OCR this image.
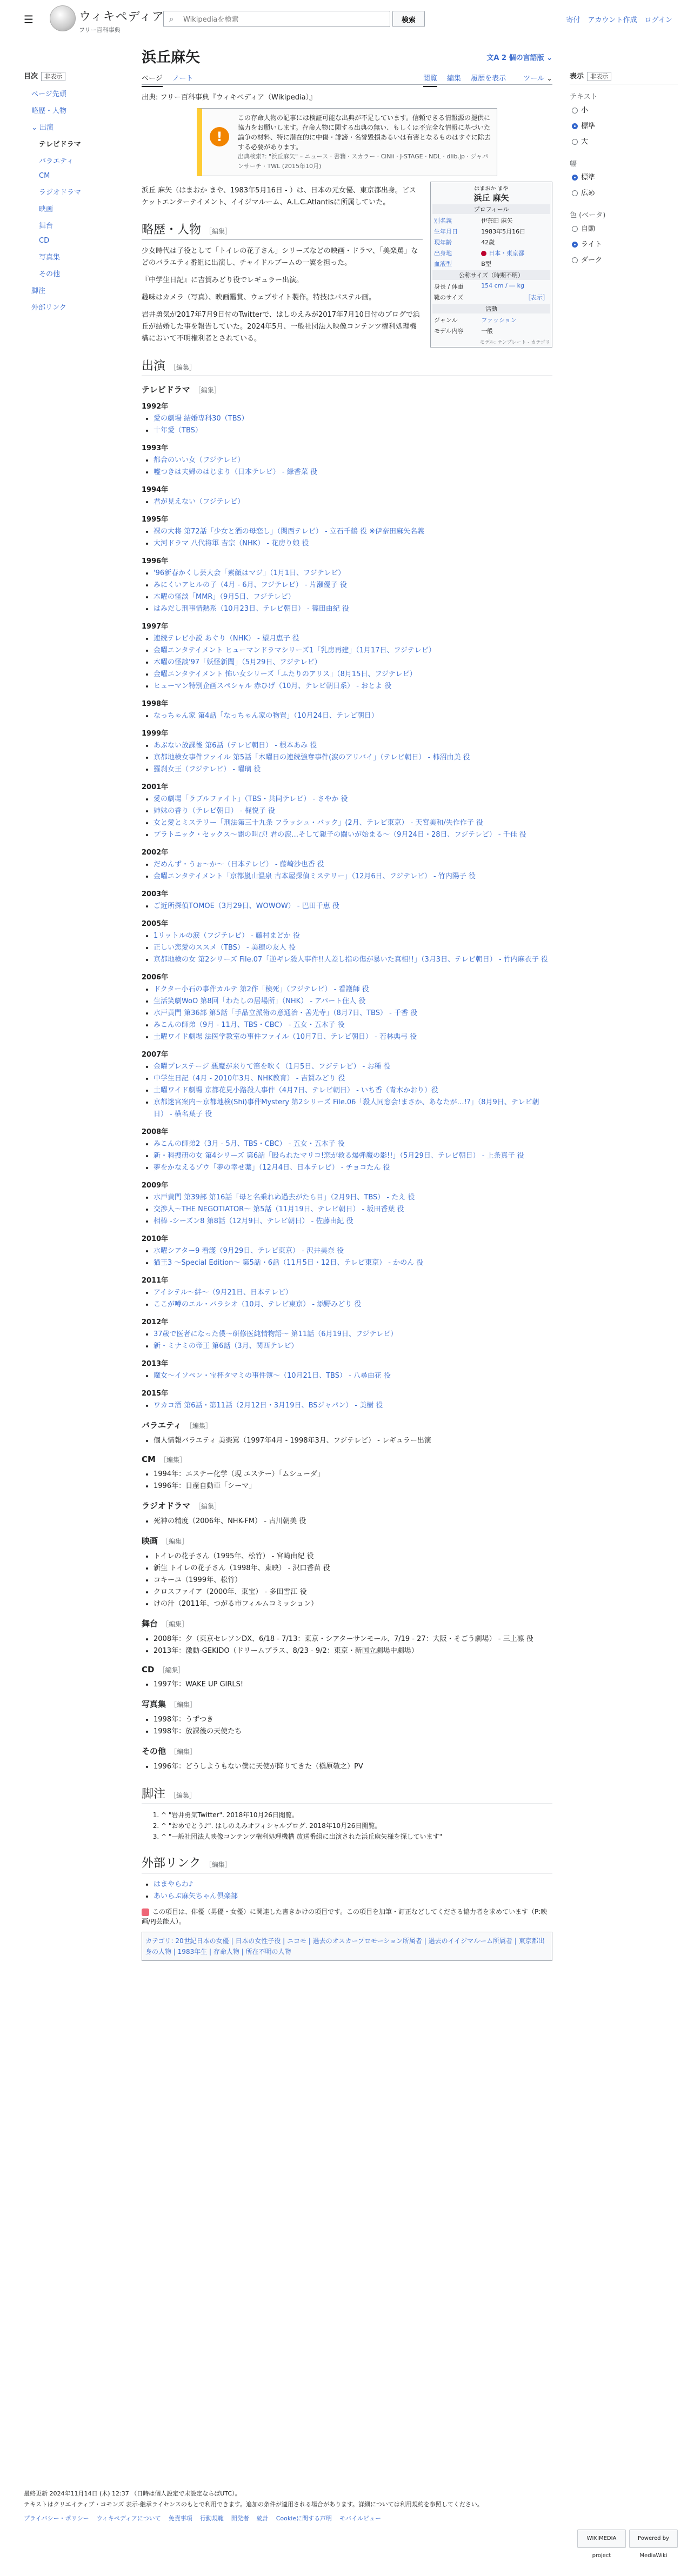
☰	ウィキペディア
フリー百科事典
⌕
Wikipediaを検索	検索	寄付 アカウント作成 ログイン
目次 非表示
ページ先頭
略歴・人物
⌄ 出演
テレビドラマ
バラエティ
CM
ラジオドラマ
映画
舞台
CD
写真集
その他
脚注
外部リンク
表示 非表示
テキスト
小
標準
大
幅
標準
広め
色 (ベータ)
自動
ライト
ダーク
浜丘麻矢	文A 2 個の言語版 ⌄
ページ ノート	閲覧 編集 履歴を表示 ツール ⌄
出典: フリー百科事典『ウィキペディア（Wikipedia）』
!
この存命人物の記事には検証可能な出典が不足しています。信頼できる情報源の提供に協力をお願いします。存命人物に関する出典の無い、もしくは不完全な情報に基づいた論争の材料、特に潜在的に中傷・誹謗・名誉毀損あるいは有害となるものはすぐに除去する必要があります。
出典検索?: "浜丘麻矢" – ニュース · 書籍 · スカラー · CiNii · J-STAGE · NDL · dlib.jp · ジャパンサーチ · TWL (2015年10月)

浜丘 麻矢（はまおか まや、1983年5月16日 - ）は、日本の元女優、東京都出身。ビスケットエンターテイメント、イイジマルーム、A.L.C.Atlantisに所属していた。

略歴・人物 ［編集］

少女時代は子役として「トイレの花子さん」シリーズなどの映画・ドラマ、「美楽罵」などのバラエティ番組に出演し、チャイドルブームの一翼を担った。

『中学生日記』に吉賀みどり役でレギュラー出演。

趣味はカメラ（写真）、映画鑑賞、ウェブサイト製作。特技はパステル画。

岩井勇気が2017年7月9日付のTwitterで、はしのえみが2017年7月10日付のブログで浜丘が結婚した事を報告していた。2024年5月、一般社団法人映像コンテンツ権利処理機構において不明権利者とされている。

はまおか まや
浜丘 麻矢
プロフィール
別名義	伊奈田 麻矢
生年月日	1983年5月16日
現年齢	42歳
出身地	日本・東京都
血液型	B型
公称サイズ（時期不明）
身長 / 体重	154 cm / ― kg
靴のサイズ	［表示］
活動
ジャンル	ファッション
モデル内容	一般
モデル: テンプレート - カテゴリ
出演 ［編集］
テレビドラマ ［編集］
1992年
• 愛の劇場 結婚専科30（TBS）
• 十年愛（TBS）
1993年
• 都合のいい女（フジテレビ）
• 嘘つきは夫婦のはじまり（日本テレビ） - 緑香菜 役
1994年
• 君が見えない（フジテレビ）
1995年
• 裸の大将 第72話「少女と酒の母恋し」（関西テレビ） - 立石千鶴 役 ※伊奈田麻矢名義
• 大河ドラマ 八代将軍 吉宗（NHK） - 花房り娘 役
1996年
• '96新春かくし芸大会「素顔はマジ」（1月1日、フジテレビ）
• みにくいアヒルの子（4月 - 6月、フジテレビ） - 片瀬優子 役
• 木曜の怪談「MMR」（9月5日、フジテレビ）
• はみだし刑事情熱系（10月23日、テレビ朝日） - 篠田由紀 役
1997年
• 連続テレビ小説 あぐり（NHK） - 望月恵子 役
• 金曜エンタテイメント ヒューマンドラマシリーズ1「乳房再建」（1月17日、フジテレビ）
• 木曜の怪談'97「妖怪新聞」（5月29日、フジテレビ）
• 金曜エンタテイメント 怖い女シリーズ「ふたりのアリス」（8月15日、フジテレビ）
• ヒューマン特別企画スペシャル 赤ひげ（10月、テレビ朝日系） - おとよ 役
1998年
• なっちゃん家 第4話「なっちゃん家の物置」（10月24日、テレビ朝日）
1999年
• あぶない放課後 第6話（テレビ朝日） - 根本あみ 役
• 京都地検女事件ファイル 第5話「木曜日の連続強奪事件(涙のアリバイ」（テレビ朝日） - 柿沼由美 役
• 羅刹女王（フジテレビ） - 曜璃 役
2001年
• 愛の劇場「ラブルファイト」（TBS・共同テレビ） - さやか 役
• 姉妹の香り（テレビ朝日） - 梶悦子 役
• 女と愛とミステリー「刑法第三十九条 フラッシュ・バック」(2月、テレビ東京） - 天宮美和/失作作子 役
• プラトニック・セックス～闇の叫び! 君の涙…そして親子の闘いが始まる～（9月24日・28日、フジテレビ） - 千佳 役
2002年
• だめんず・うぉ～か～（日本テレビ） - 藤崎沙也香 役
• 金曜エンタテイメント「京都嵐山温泉 古本屋探偵ミステリー」（12月6日、フジテレビ） - 竹内陽子 役
2003年
• ご近所探偵TOMOE（3月29日、WOWOW） - 巴田千恵 役
2005年
• 1リットルの涙（フジテレビ） - 藤村まどか 役
• 正しい恋愛のススメ（TBS） - 美穂の友人 役
• 京都地検の女 第2シリーズ File.07「逆ギレ殺人事件!!人差し指の傷が暴いた真相!!」（3月3日、テレビ朝日） - 竹内麻衣子 役
2006年
• ドクター小石の事件カルテ 第2作「検死」（フジテレビ） - 看護師 役
• 生活笑劇WoO 第8回「わたしの居場所」（NHK） - アパート住人 役
• 水戸黄門 第36部 第5話「手品立派術の意通治・善光寺」（8月7日、TBS） - 千香 役
• みこんの師弟（9月 - 11月、TBS・CBC） - 五女・五木子 役
• 土曜ワイド劇場 法医学教室の事件ファイル（10月7日、テレビ朝日） - 若林典弓 役
2007年
• 金曜プレステージ 悪魔が来りて笛を吹く（1月5日、フジテレビ） - お種 役
• 中学生日記（4月 - 2010年3月、NHK教育） - 吉賀みどり 役
• 土曜ワイド劇場 京都花見小路殺人事件（4月7日、テレビ朝日） - いち香（青木かおり）役
• 京都迷宮案内～京都地検(Shi)事件Mystery 第2シリーズ File.06「殺人同窓会!まさか、あなたが…!?」（8月9日、テレビ朝日） - 横名葉子 役
2008年
• みこんの師弟2（3月 - 5月、TBS・CBC） - 五女・五木子 役
• 新・科捜研の女 第4シリーズ 第6話「殴られたマリコ!恋が救る爆弾魔の影!!」（5月29日、テレビ朝日） - 上条真子 役
• 夢をかなえるゾウ「夢の幸せ薬」（12月4日、日本テレビ） - チョコたん 役
2009年
• 水戸黄門 第39部 第16話「母と名乗れぬ過去がたら目」（2月9日、TBS） - たえ 役
• 交渉人～THE NEGOTIATOR～ 第5話（11月19日、テレビ朝日） - 坂田香葉 役
• 相棒 -シーズン8 第8話（12月9日、テレビ朝日） - 佐藤由紀 役
2010年
• 水曜シアター9 看護（9月29日、テレビ東京） - 沢井美奈 役
• 猫王3 ～Special Edition～ 第5話・6話（11月5日・12日、テレビ東京） - かのん 役
2011年
• アイシテル～絆～（9月21日、日本テレビ）
• ここが噂のエル・パラシオ（10月、テレビ東京） - 添野みどり 役
2012年
• 37歳で医者になった僕～研修医純情物語～ 第11話（6月19日、フジテレビ）
• 新・ミナミの帝王 第6話（3月、関西テレビ）
2013年
• 魔女～イソペン・宝杯タマミの事件簿～（10月21日、TBS） - 八尋由花 役
2015年
• ワカコ酒 第6話・第11話（2月12日・3月19日、BSジャパン） - 美樹 役
バラエティ ［編集］
• 個人情報バラエティ 美楽罵（1997年4月 - 1998年3月、フジテレビ） - レギュラー出演
CM ［編集］
• 1994年：エステー化学（現 エステー）「ムシューダ」
• 1996年：日産自動車「シーマ」
ラジオドラマ ［編集］
• 死神の精度（2006年、NHK-FM） - 古川朝美 役
映画 ［編集］
• トイレの花子さん（1995年、松竹） - 宮崎由紀 役
• 新生 トイレの花子さん（1998年、東映） - 沢口香苗 役
• コキーユ（1999年、松竹）
• クロスファイア（2000年、東宝） - 多田雪江 役
• けの汁（2011年、つがる市フィルムコミッション）
舞台 ［編集］
• 2008年：夕（東京セレソンDX、6/18 - 7/13：東京・シアターサンモール、7/19 - 27：大阪・そごう劇場） - 三上凛 役
• 2013年：激動-GEKIDO（ドリームプラス、8/23 - 9/2：東京・新国立劇場中劇場）
CD ［編集］
• 1997年：WAKE UP GIRLS!
写真集 ［編集］
• 1998年：うずつき
• 1998年：放課後の天使たち
その他 ［編集］
• 1996年：どうしようもない僕に天使が降りてきた（槇原敬之）PV
脚注 ［編集］
1. ^ "岩井勇気Twitter". 2018年10月26日閲覧。
2. ^ "おめでとう♪". はしのえみオフィシャルブログ. 2018年10月26日閲覧。
3. ^ "一般社団法人映像コンテンツ権利処理機構 放送番組に出演された浜丘麻矢様を探しています"
外部リンク ［編集］
• はまやらわ♪
• あいらぶ麻矢ちゃん倶楽部
この項目は、俳優（男優・女優）に関連した書きかけの項目です。この項目を加筆・訂正などしてくださる協力者を求めています（P:映画/PJ芸能人）。
カテゴリ: 20世紀日本の女優 | 日本の女性子役 | ニコモ | 過去のオスカープロモーション所属者 | 過去のイイジマルーム所属者 | 東京都出身の人物 | 1983年生 | 存命人物 | 所在不明の人物
最終更新 2024年11月14日 (木) 12:37 （日時は個人設定で未設定ならばUTC）。
テキストはクリエイティブ・コモンズ 表示-継承ライセンスのもとで利用できます。追加の条件が適用される場合があります。詳細については利用規約を参照してください。
プライバシー・ポリシー ウィキペディアについて 免責事項 行動規範 開発者 統計 Cookieに関する声明 モバイルビュー
WIKIMEDIA project
Powered by MediaWiki
